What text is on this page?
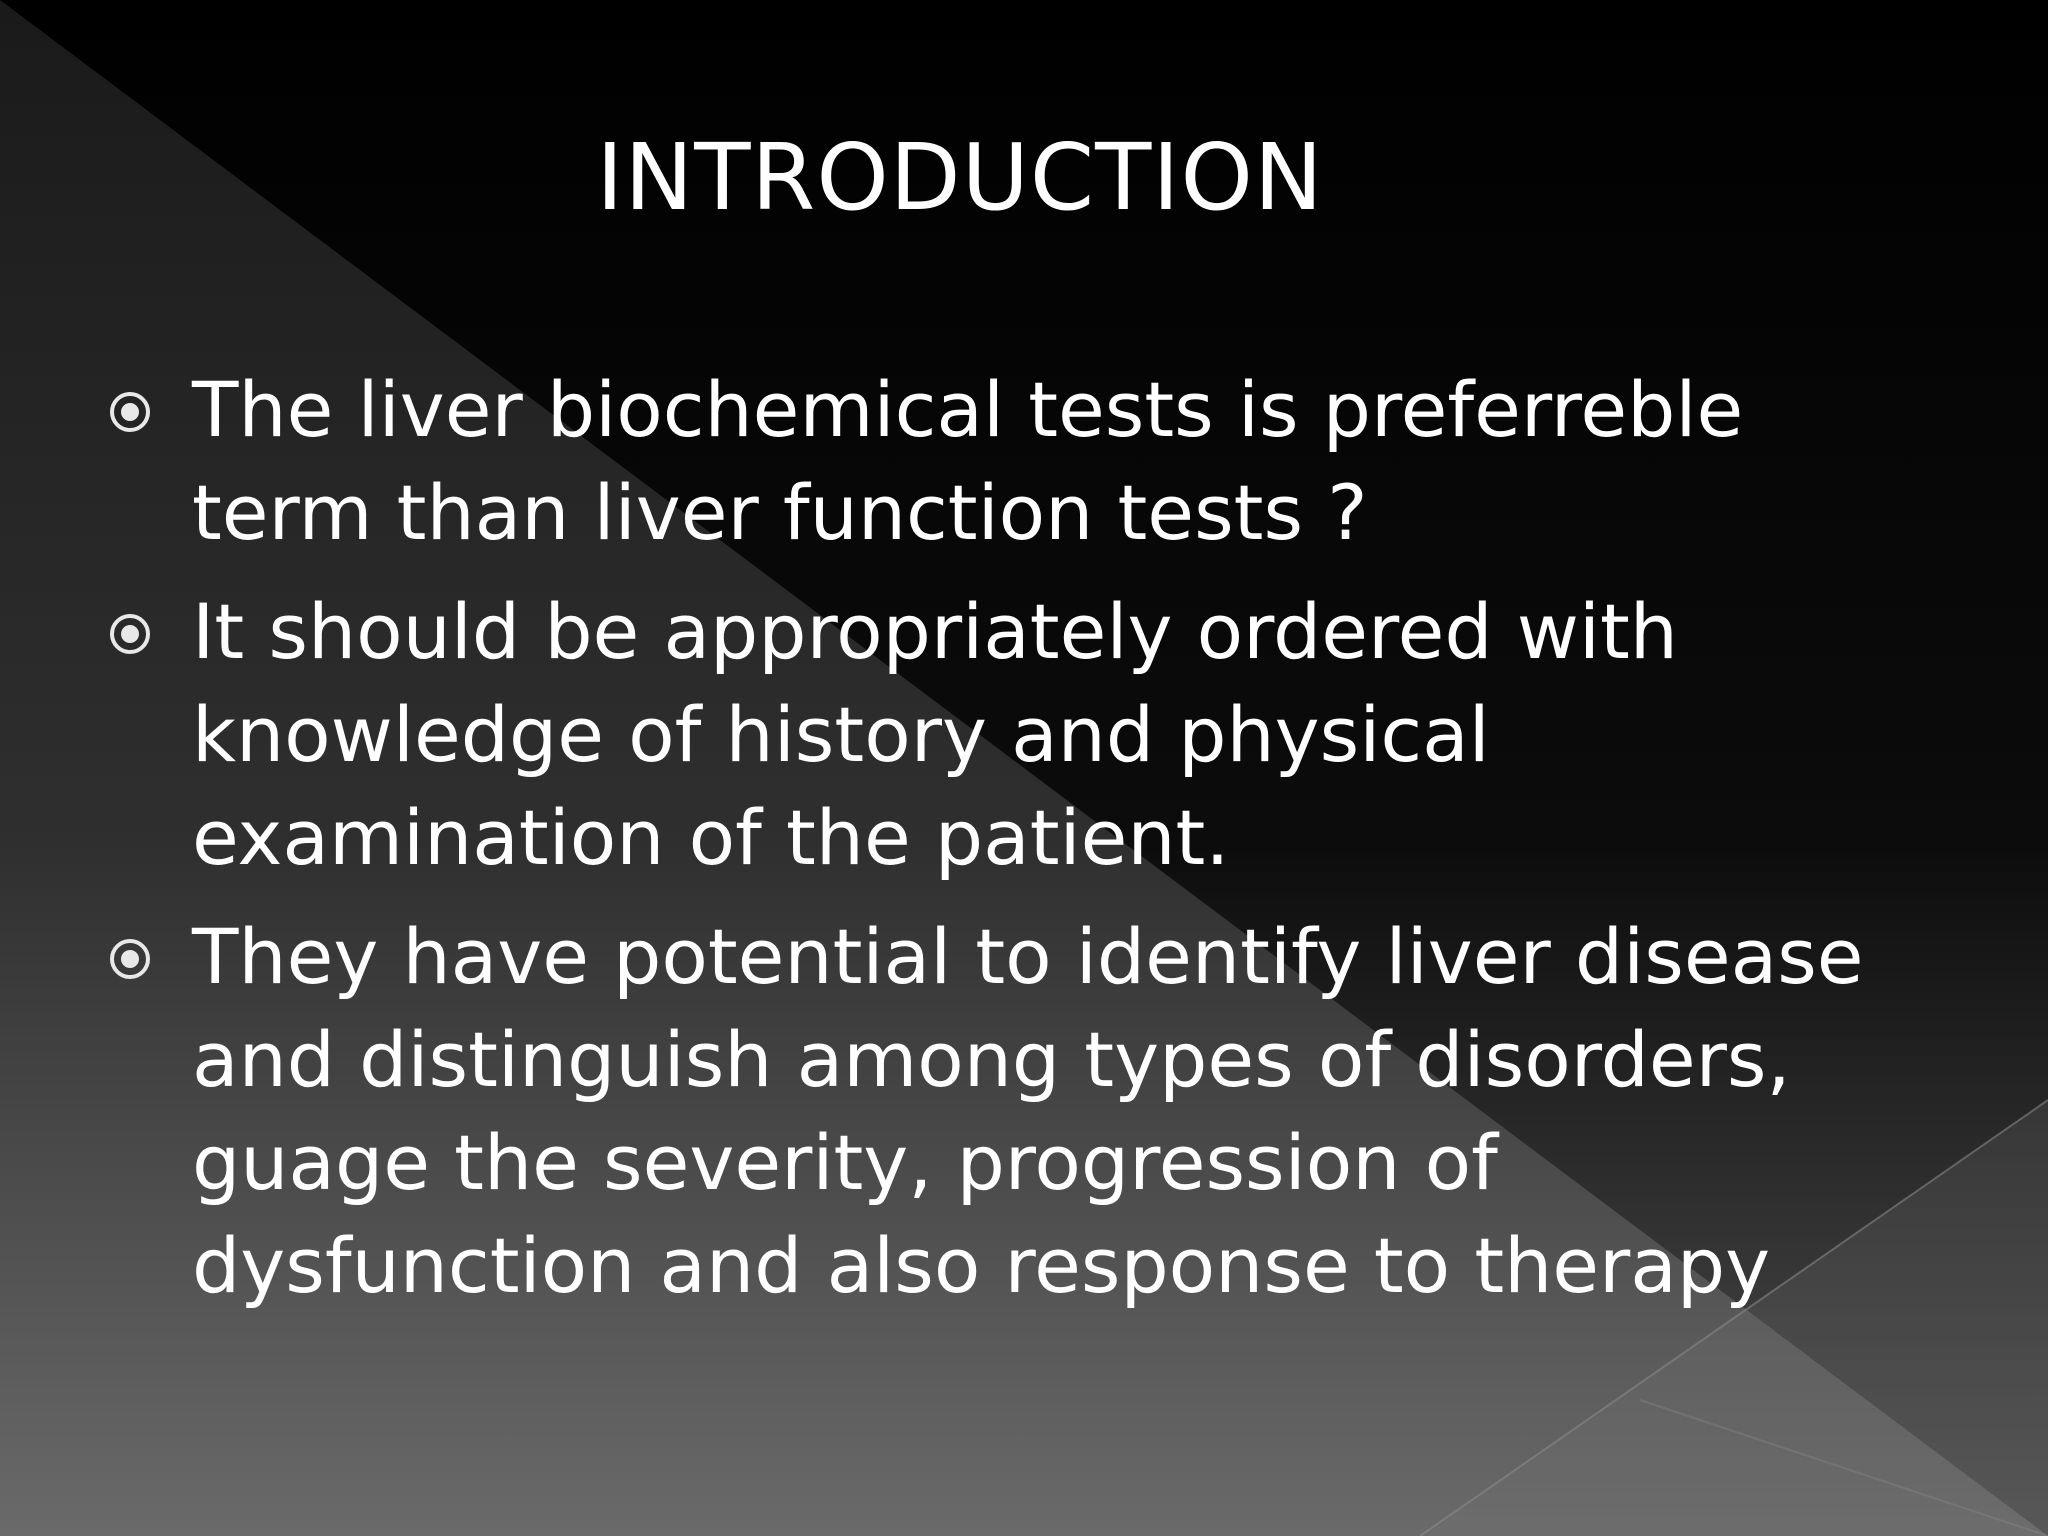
INTRODUCTION
The liver biochemical tests is preferreble term than liver function tests ?
It should be appropriately ordered with knowledge of history and physical examination of the patient.
They have potential to identify liver disease and distinguish among types of disorders, guage the severity, progression of dysfunction and also response to therapy
